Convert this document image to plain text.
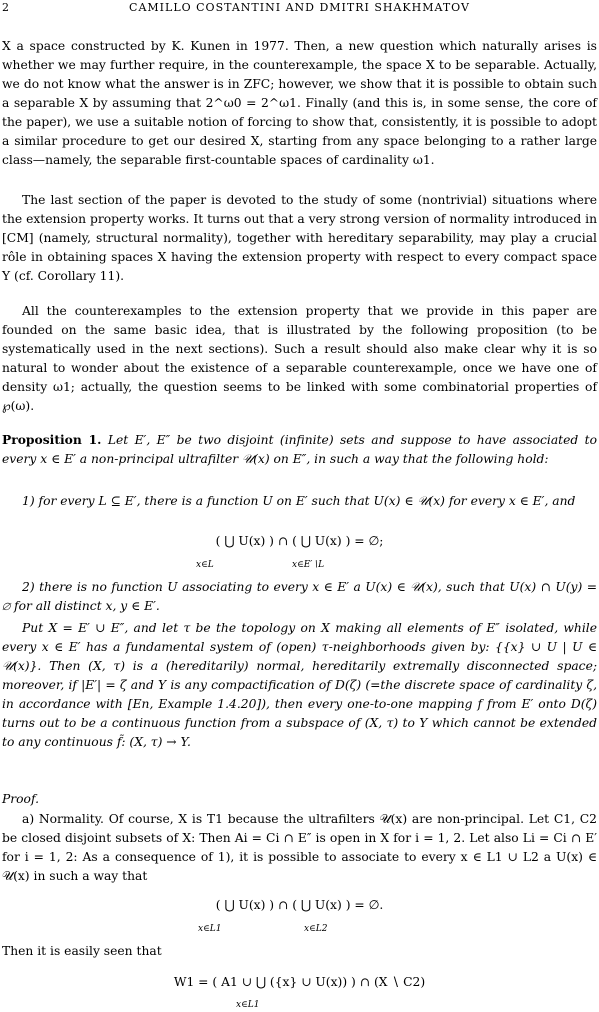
2	CAMILLO COSTANTINI AND DMITRI SHAKHMATOV

X a space constructed by K. Kunen in 1977. Then, a new question which naturally arises is whether we may further require, in the counterexample, the space X to be separable. Actually, we do not know what the answer is in ZFC; however, we show that it is possible to obtain such a separable X by assuming that 2^ω0 = 2^ω1. Finally (and this is, in some sense, the core of the paper), we use a suitable notion of forcing to show that, consistently, it is possible to adopt a similar procedure to get our desired X, starting from any space belonging to a rather large class—namely, the separable first-countable spaces of cardinality ω1.

The last section of the paper is devoted to the study of some (nontrivial) situations where the extension property works. It turns out that a very strong version of normality introduced in [CM] (namely, structural normality), together with hereditary separability, may play a crucial rôle in obtaining spaces X having the extension property with respect to every compact space Y (cf. Corollary 11).

All the counterexamples to the extension property that we provide in this paper are founded on the same basic idea, that is illustrated by the following proposition (to be systematically used in the next sections). Such a result should also make clear why it is so natural to wonder about the existence of a separable counterexample, once we have one of density ω1; actually, the question seems to be linked with some combinatorial properties of ℘(ω).

Proposition 1. Let E′, E″ be two disjoint (infinite) sets and suppose to have associated to every x ∈ E′ a non-principal ultrafilter 𝒰(x) on E″, in such a way that the following hold:

1) for every L ⊆ E′, there is a function U on E′ such that U(x) ∈ 𝒰(x) for every x ∈ E′, and

( ⋃ U(x) ) ∩ ( ⋃ U(x) ) = ∅;
x∈L	x∈E′∖L

2) there is no function U associating to every x ∈ E′ a U(x) ∈ 𝒰(x), such that U(x) ∩ U(y) = ∅ for all distinct x, y ∈ E′.

Put X = E′ ∪ E″, and let τ be the topology on X making all elements of E″ isolated, while every x ∈ E′ has a fundamental system of (open) τ-neighborhoods given by: {{x} ∪ U | U ∈ 𝒰(x)}. Then (X, τ) is a (hereditarily) normal, hereditarily extremally disconnected space; moreover, if |E′| = ζ and Y is any compactification of D(ζ) (=the discrete space of cardinality ζ, in accordance with [En, Example 1.4.20]), then every one-to-one mapping f from E′ onto D(ζ) turns out to be a continuous function from a subspace of (X, τ) to Y which cannot be extended to any continuous f̃: (X, τ) → Y.

Proof.

a) Normality. Of course, X is T1 because the ultrafilters 𝒰(x) are non-principal. Let C1, C2 be closed disjoint subsets of X: Then Ai = Ci ∩ E″ is open in X for i = 1, 2. Let also Li = Ci ∩ E′ for i = 1, 2: As a consequence of 1), it is possible to associate to every x ∈ L1 ∪ L2 a U(x) ∈ 𝒰(x) in such a way that

( ⋃ U(x) ) ∩ ( ⋃ U(x) ) = ∅.
x∈L1	x∈L2

Then it is easily seen that

W1 = ( A1 ∪ ⋃ ({x} ∪ U(x)) ) ∩ (X ∖ C2)
x∈L1
